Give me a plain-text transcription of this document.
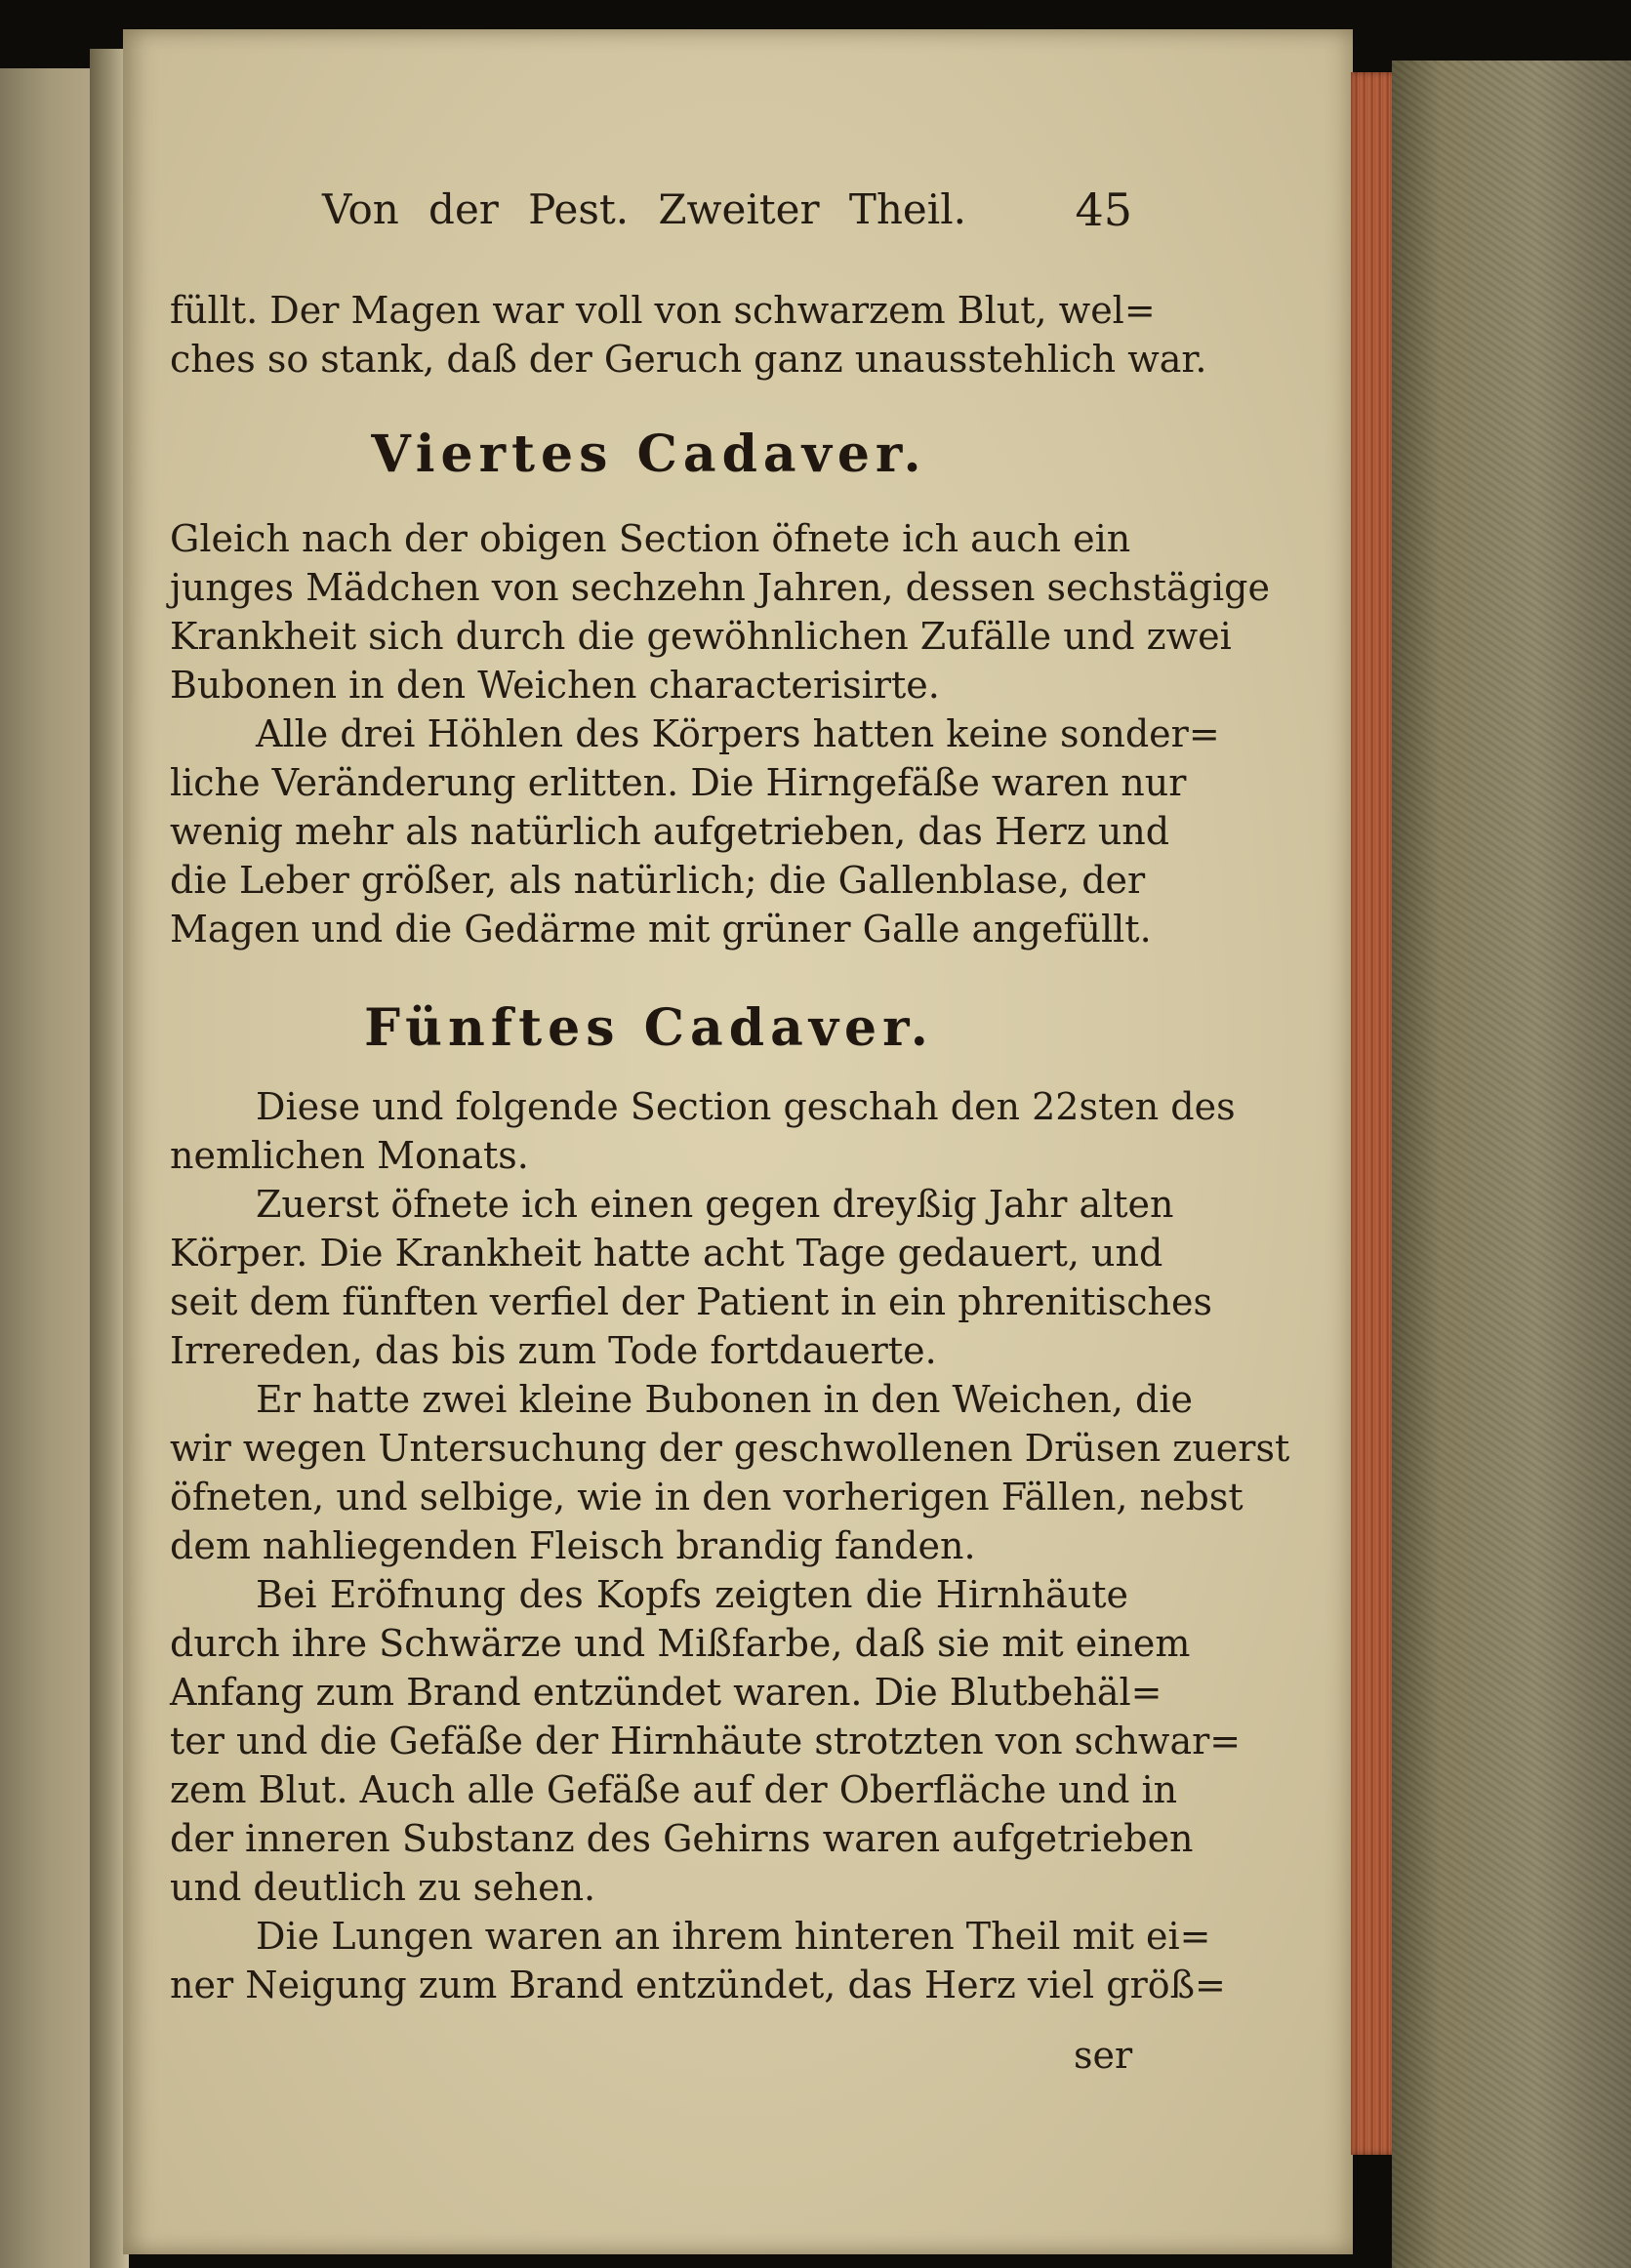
Von der Pest. Zweiter Theil.	45

füllt. Der Magen war voll von schwarzem Blut, wel=

ches so stank, daß der Geruch ganz unausstehlich war.

Viertes Cadaver.

Gleich nach der obigen Section öfnete ich auch ein

junges Mädchen von sechzehn Jahren, dessen sechstägige

Krankheit sich durch die gewöhnlichen Zufälle und zwei

Bubonen in den Weichen characterisirte.

Alle drei Höhlen des Körpers hatten keine sonder=

liche Veränderung erlitten. Die Hirngefäße waren nur

wenig mehr als natürlich aufgetrieben, das Herz und

die Leber größer, als natürlich; die Gallenblase, der

Magen und die Gedärme mit grüner Galle angefüllt.

Fünftes Cadaver.

Diese und folgende Section geschah den 22sten des

nemlichen Monats.

Zuerst öfnete ich einen gegen dreyßig Jahr alten

Körper. Die Krankheit hatte acht Tage gedauert, und

seit dem fünften verfiel der Patient in ein phrenitisches

Irrereden, das bis zum Tode fortdauerte.

Er hatte zwei kleine Bubonen in den Weichen, die

wir wegen Untersuchung der geschwollenen Drüsen zuerst

öfneten, und selbige, wie in den vorherigen Fällen, nebst

dem nahliegenden Fleisch brandig fanden.

Bei Eröfnung des Kopfs zeigten die Hirnhäute

durch ihre Schwärze und Mißfarbe, daß sie mit einem

Anfang zum Brand entzündet waren. Die Blutbehäl=

ter und die Gefäße der Hirnhäute strotzten von schwar=

zem Blut. Auch alle Gefäße auf der Oberfläche und in

der inneren Substanz des Gehirns waren aufgetrieben

und deutlich zu sehen.

Die Lungen waren an ihrem hinteren Theil mit ei=

ner Neigung zum Brand entzündet, das Herz viel größ=

ser
